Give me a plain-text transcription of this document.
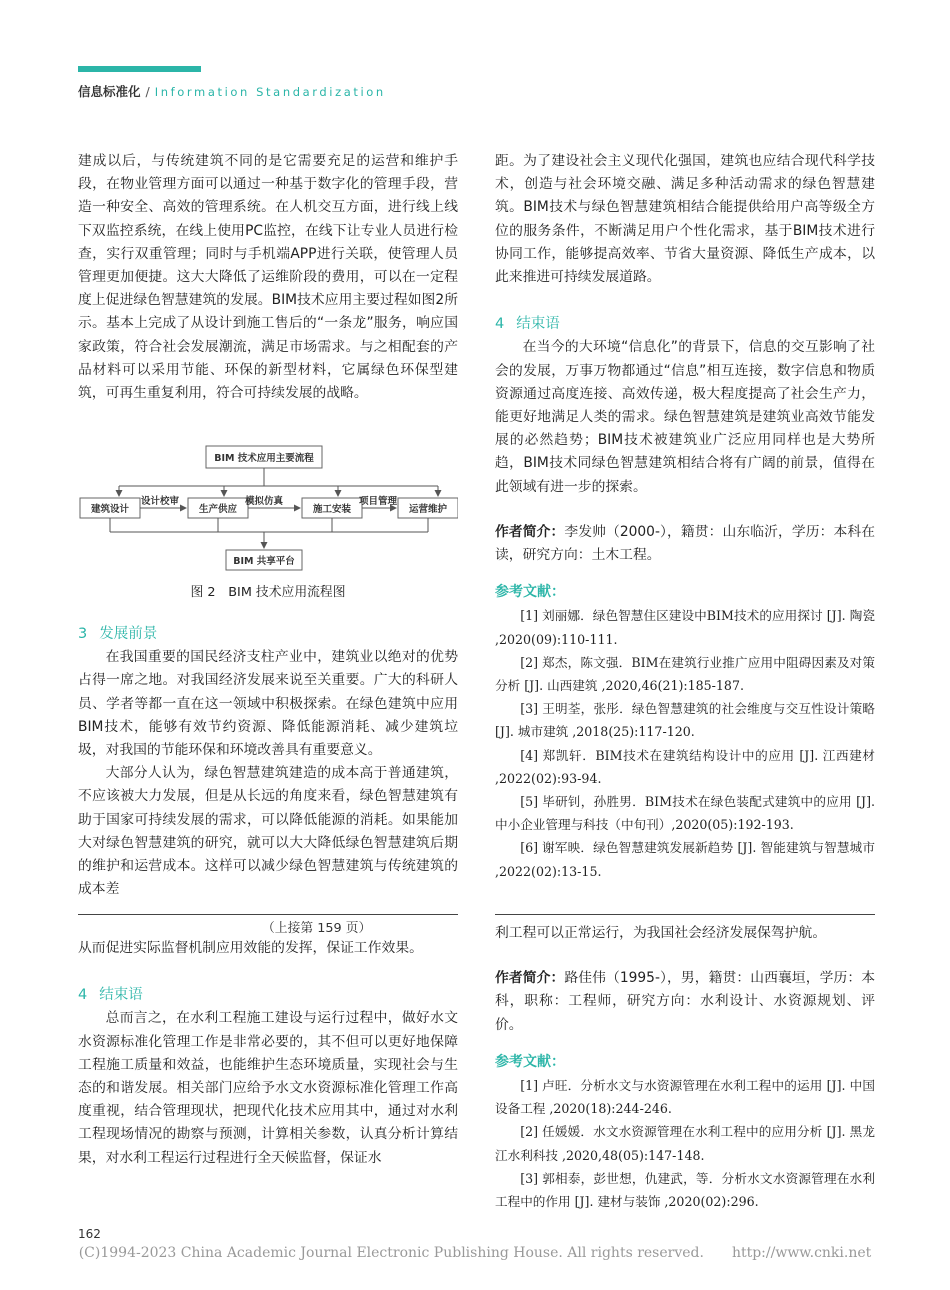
信息标准化 / Information Standardization

建成以后，与传统建筑不同的是它需要充足的运营和维护手段，在物业管理方面可以通过一种基于数字化的管理手段，营造一种安全、高效的管理系统。在人机交互方面，进行线上线下双监控系统，在线上使用PC监控，在线下让专业人员进行检查，实行双重管理；同时与手机端APP进行关联，使管理人员管理更加便捷。这大大降低了运维阶段的费用，可以在一定程度上促进绿色智慧建筑的发展。BIM技术应用主要过程如图2所示。基本上完成了从设计到施工售后的“一条龙”服务，响应国家政策，符合社会发展潮流，满足市场需求。与之相配套的产品材料可以采用节能、环保的新型材料，它属绿色环保型建筑，可再生重复利用，符合可持续发展的战略。

BIM 技术应用主要流程
建筑设计	生产供应	施工安装	运营维护
设计校审	模拟仿真	项目管理
BIM 共享平台
图 2　BIM 技术应用流程图

3 发展前景

在我国重要的国民经济支柱产业中，建筑业以绝对的优势占得一席之地。对我国经济发展来说至关重要。广大的科研人员、学者等都一直在这一领域中积极探索。在绿色建筑中应用BIM技术，能够有效节约资源、降低能源消耗、减少建筑垃圾，对我国的节能环保和环境改善具有重要意义。

大部分人认为，绿色智慧建筑建造的成本高于普通建筑，不应该被大力发展，但是从长远的角度来看，绿色智慧建筑有助于国家可持续发展的需求，可以降低能源的消耗。如果能加大对绿色智慧建筑的研究，就可以大大降低绿色智慧建筑后期的维护和运营成本。这样可以减少绿色智慧建筑与传统建筑的成本差

距。为了建设社会主义现代化强国，建筑也应结合现代科学技术，创造与社会环境交融、满足多种活动需求的绿色智慧建筑。BIM技术与绿色智慧建筑相结合能提供给用户高等级全方位的服务条件，不断满足用户个性化需求，基于BIM技术进行协同工作，能够提高效率、节省大量资源、降低生产成本，以此来推进可持续发展道路。

4 结束语

在当今的大环境“信息化”的背景下，信息的交互影响了社会的发展，万事万物都通过“信息”相互连接，数字信息和物质资源通过高度连接、高效传递，极大程度提高了社会生产力，能更好地满足人类的需求。绿色智慧建筑是建筑业高效节能发展的必然趋势；BIM技术被建筑业广泛应用同样也是大势所趋，BIM技术同绿色智慧建筑相结合将有广阔的前景，值得在此领域有进一步的探索。

作者简介：李发帅（2000-），籍贯：山东临沂，学历：本科在读，研究方向：土木工程。

参考文献：

[1] 刘丽娜．绿色智慧住区建设中BIM技术的应用探讨 [J]. 陶瓷 ,2020(09):110-111.

[2] 郑杰，陈文强．BIM在建筑行业推广应用中阻碍因素及对策分析 [J]. 山西建筑 ,2020,46(21):185-187.

[3] 王明荃，张彤．绿色智慧建筑的社会维度与交互性设计策略 [J]. 城市建筑 ,2018(25):117-120.

[4] 郑凯轩．BIM技术在建筑结构设计中的应用 [J]. 江西建材 ,2022(02):93-94.

[5] 毕研钊，孙胜男．BIM技术在绿色装配式建筑中的应用 [J]. 中小企业管理与科技（中旬刊）,2020(05):192-193.

[6] 谢军映．绿色智慧建筑发展新趋势 [J]. 智能建筑与智慧城市 ,2022(02):13-15.

（上接第 159 页）

从而促进实际监督机制应用效能的发挥，保证工作效果。

4 结束语

总而言之，在水利工程施工建设与运行过程中，做好水文水资源标准化管理工作是非常必要的，其不但可以更好地保障工程施工质量和效益，也能维护生态环境质量，实现社会与生态的和谐发展。相关部门应给予水文水资源标准化管理工作高度重视，结合管理现状，把现代化技术应用其中，通过对水利工程现场情况的勘察与预测，计算相关参数，认真分析计算结果，对水利工程运行过程进行全天候监督，保证水

利工程可以正常运行，为我国社会经济发展保驾护航。

作者简介：路佳伟（1995-），男，籍贯：山西襄垣，学历：本科，职称：工程师，研究方向：水利设计、水资源规划、评价。

参考文献：

[1] 卢旺．分析水文与水资源管理在水利工程中的运用 [J]. 中国设备工程 ,2020(18):244-246.

[2] 任媛媛．水文水资源管理在水利工程中的应用分析 [J]. 黑龙江水利科技 ,2020,48(05):147-148.

[3] 郭相泰，彭世想，仇建武，等．分析水文水资源管理在水利工程中的作用 [J]. 建材与装饰 ,2020(02):296.

162
(C)1994-2023 China Academic Journal Electronic Publishing House. All rights reserved.　　http://www.cnki.net
